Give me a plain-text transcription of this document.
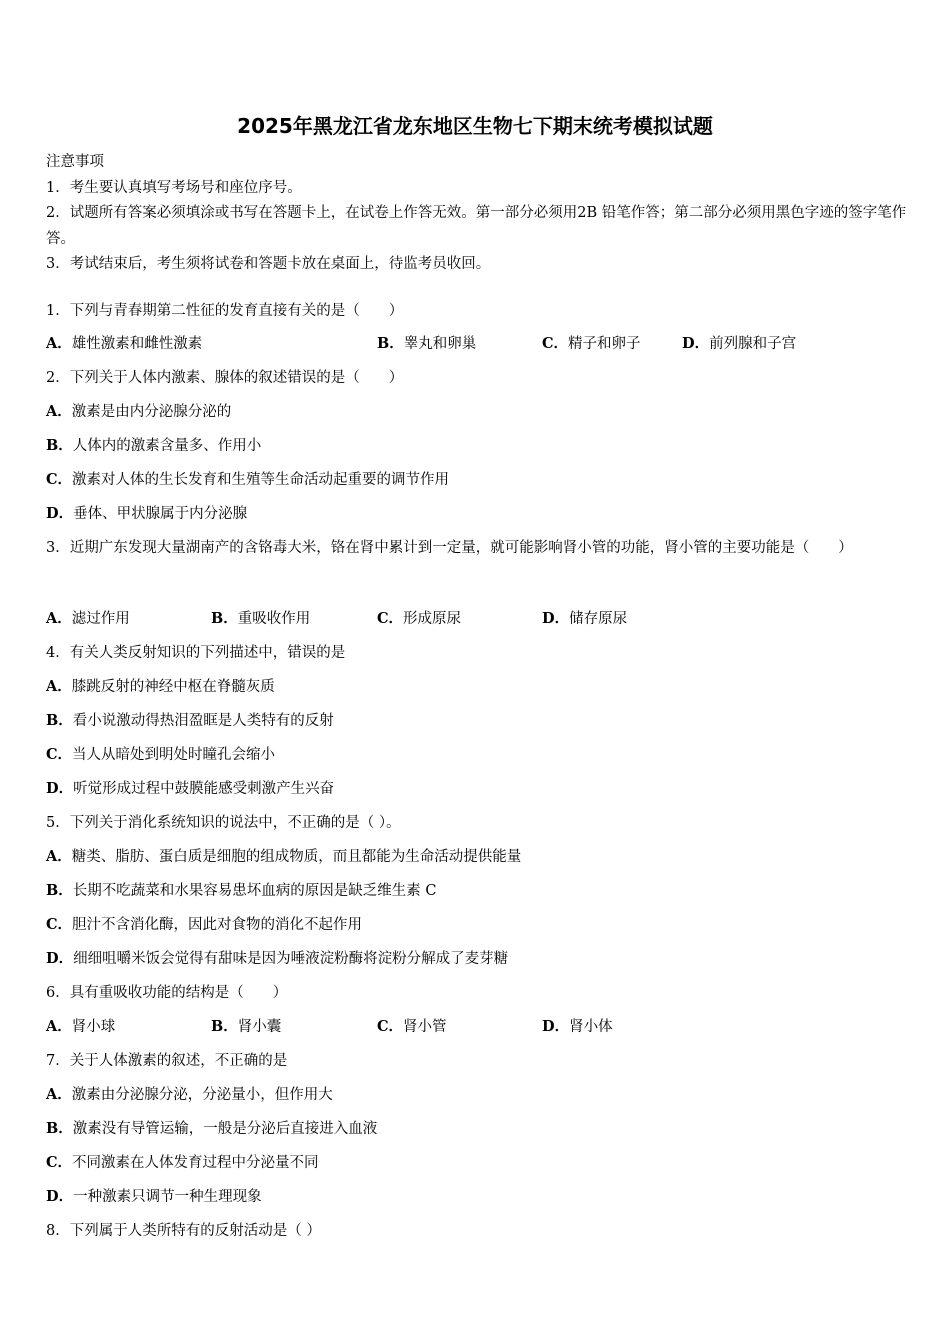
2025年黑龙江省龙东地区生物七下期末统考模拟试题
注意事项
1．考生要认真填写考场号和座位序号。
2．试题所有答案必须填涂或书写在答题卡上，在试卷上作答无效。第一部分必须用2B 铅笔作答；第二部分必须用黑色字迹的签字笔作答。
3．考试结束后，考生须将试卷和答题卡放在桌面上，待监考员收回。
1．下列与青春期第二性征的发育直接有关的是（　　）
A．雄性激素和雌性激素	B．睾丸和卵巢	C．精子和卵子	D．前列腺和子宫
2．下列关于人体内激素、腺体的叙述错误的是（　　）
A．激素是由内分泌腺分泌的
B．人体内的激素含量多、作用小
C．激素对人体的生长发育和生殖等生命活动起重要的调节作用
D．垂体、甲状腺属于内分泌腺
3．近期广东发现大量湖南产的含铬毒大米，铬在肾中累计到一定量，就可能影响肾小管的功能，肾小管的主要功能是（　　）
A．滤过作用	B．重吸收作用	C．形成原尿	D．储存原尿
4．有关人类反射知识的下列描述中，错误的是
A．膝跳反射的神经中枢在脊髓灰质
B．看小说激动得热泪盈眶是人类特有的反射
C．当人从暗处到明处时瞳孔会缩小
D．听觉形成过程中鼓膜能感受刺激产生兴奋
5．下列关于消化系统知识的说法中，不正确的是（ ）。
A．糖类、脂肪、蛋白质是细胞的组成物质，而且都能为生命活动提供能量
B．长期不吃蔬菜和水果容易患坏血病的原因是缺乏维生素 C
C．胆汁不含消化酶，因此对食物的消化不起作用
D．细细咀嚼米饭会觉得有甜味是因为唾液淀粉酶将淀粉分解成了麦芽糖
6．具有重吸收功能的结构是（　　）
A．肾小球	B．肾小囊	C．肾小管	D．肾小体
7．关于人体激素的叙述，不正确的是
A．激素由分泌腺分泌，分泌量小，但作用大
B．激素没有导管运输，一般是分泌后直接进入血液
C．不同激素在人体发育过程中分泌量不同
D．一种激素只调节一种生理现象
8．下列属于人类所特有的反射活动是（ ）
